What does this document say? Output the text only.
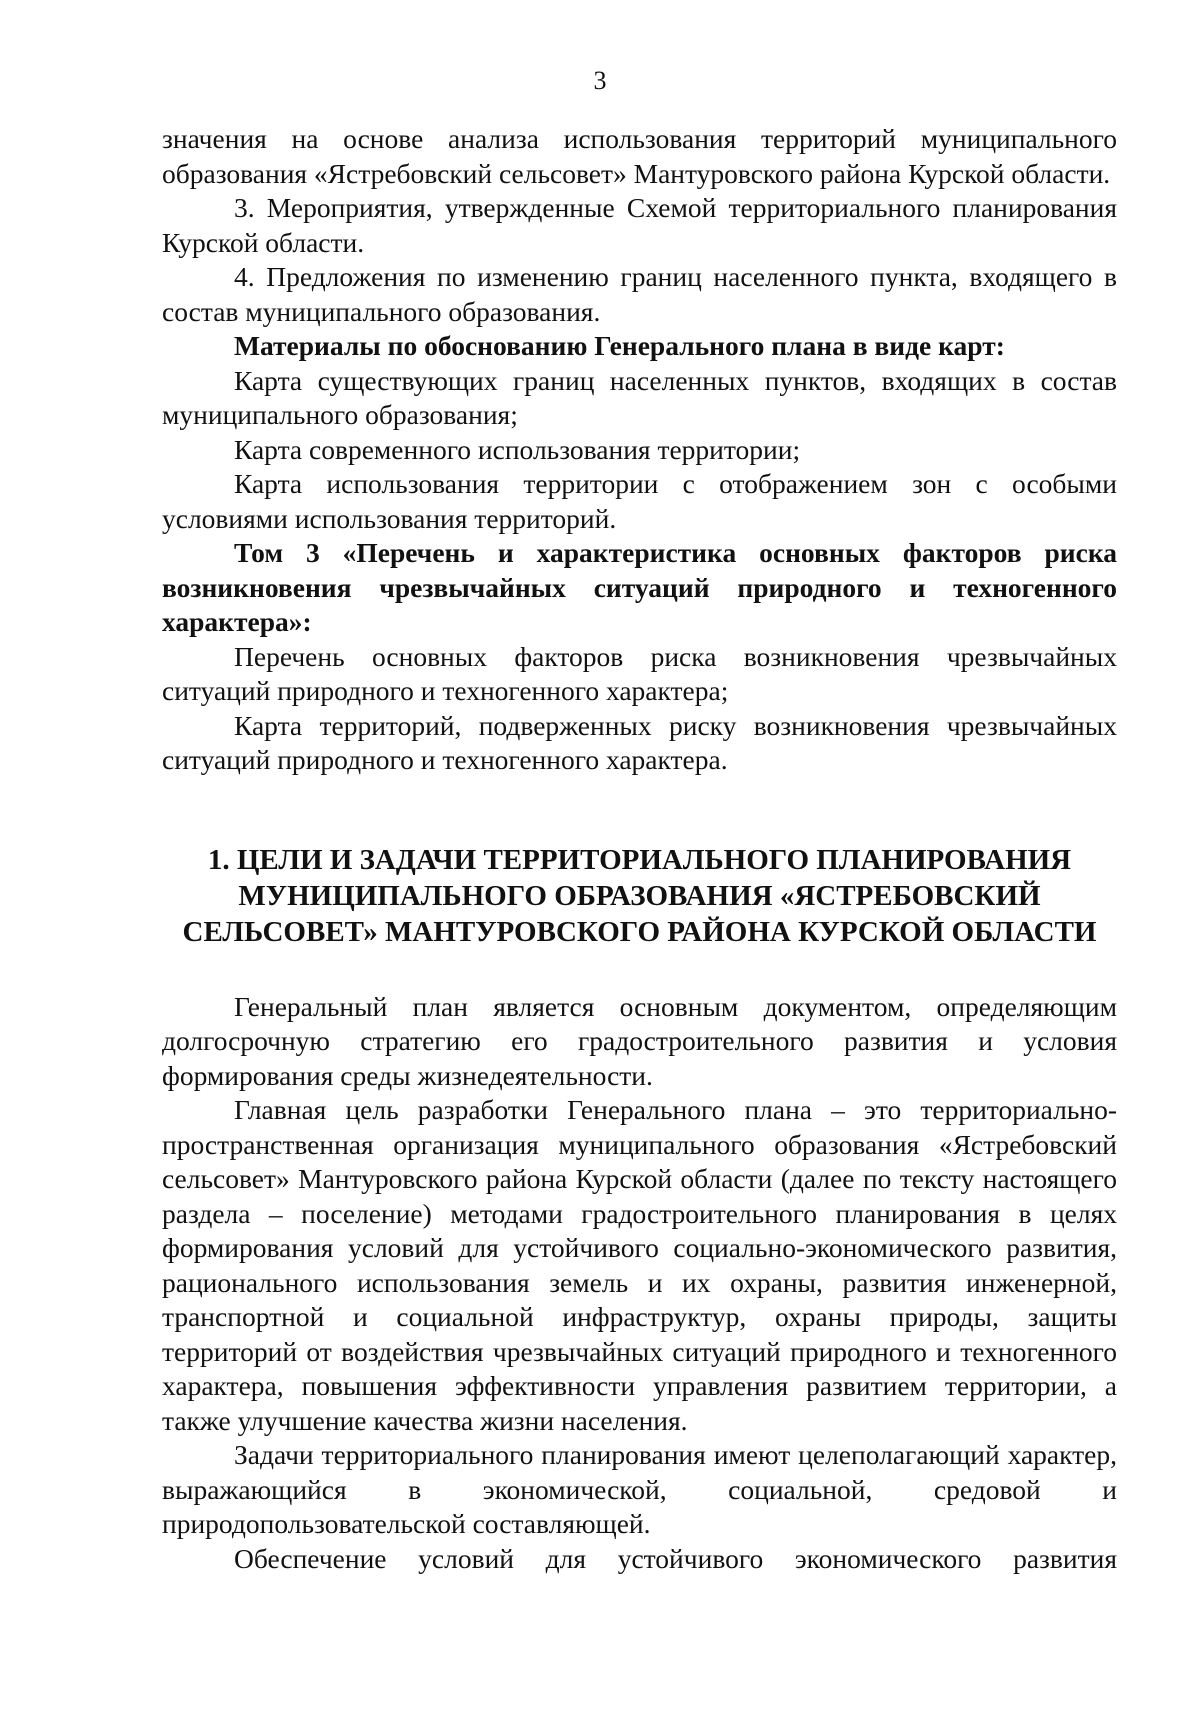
3

значения на основе анализа использования территорий муниципального образования «Ястребовский сельсовет» Мантуровского района Курской области.

3. Мероприятия, утвержденные Схемой территориального планирования Курской области.

4. Предложения по изменению границ населенного пункта, входящего в состав муниципального образования.

Материалы по обоснованию Генерального плана в виде карт:

Карта существующих границ населенных пунктов, входящих в состав муниципального образования;

Карта современного использования территории;

Карта использования территории с отображением зон с особыми условиями использования территорий.

Том 3 «Перечень и характеристика основных факторов риска возникновения чрезвычайных ситуаций природного и техногенного характера»:

Перечень основных факторов риска возникновения чрезвычайных ситуаций природного и техногенного характера;

Карта территорий, подверженных риску возникновения чрезвычайных ситуаций природного и техногенного характера.

1. ЦЕЛИ И ЗАДАЧИ ТЕРРИТОРИАЛЬНОГО ПЛАНИРОВАНИЯ
МУНИЦИПАЛЬНОГО ОБРАЗОВАНИЯ «ЯСТРЕБОВСКИЙ
СЕЛЬСОВЕТ» МАНТУРОВСКОГО РАЙОНА КУРСКОЙ ОБЛАСТИ

Генеральный план является основным документом, определяющим долгосрочную стратегию его градостроительного развития и условия формирования среды жизнедеятельности.

Главная цель разработки Генерального плана – это территориально-пространственная организация муниципального образования «Ястребовский сельсовет» Мантуровского района Курской области (далее по тексту настоящего раздела – поселение) методами градостроительного планирования в целях формирования условий для устойчивого социально-экономического развития, рационального использования земель и их охраны, развития инженерной, транспортной и социальной инфраструктур, охраны природы, защиты территорий от воздействия чрезвычайных ситуаций природного и техногенного характера, повышения эффективности управления развитием территории, а также улучшение качества жизни населения.

Задачи территориального планирования имеют целеполагающий характер, выражающийся в экономической, социальной, средовой и природопользовательской составляющей.

Обеспечение условий для устойчивого экономического развития
